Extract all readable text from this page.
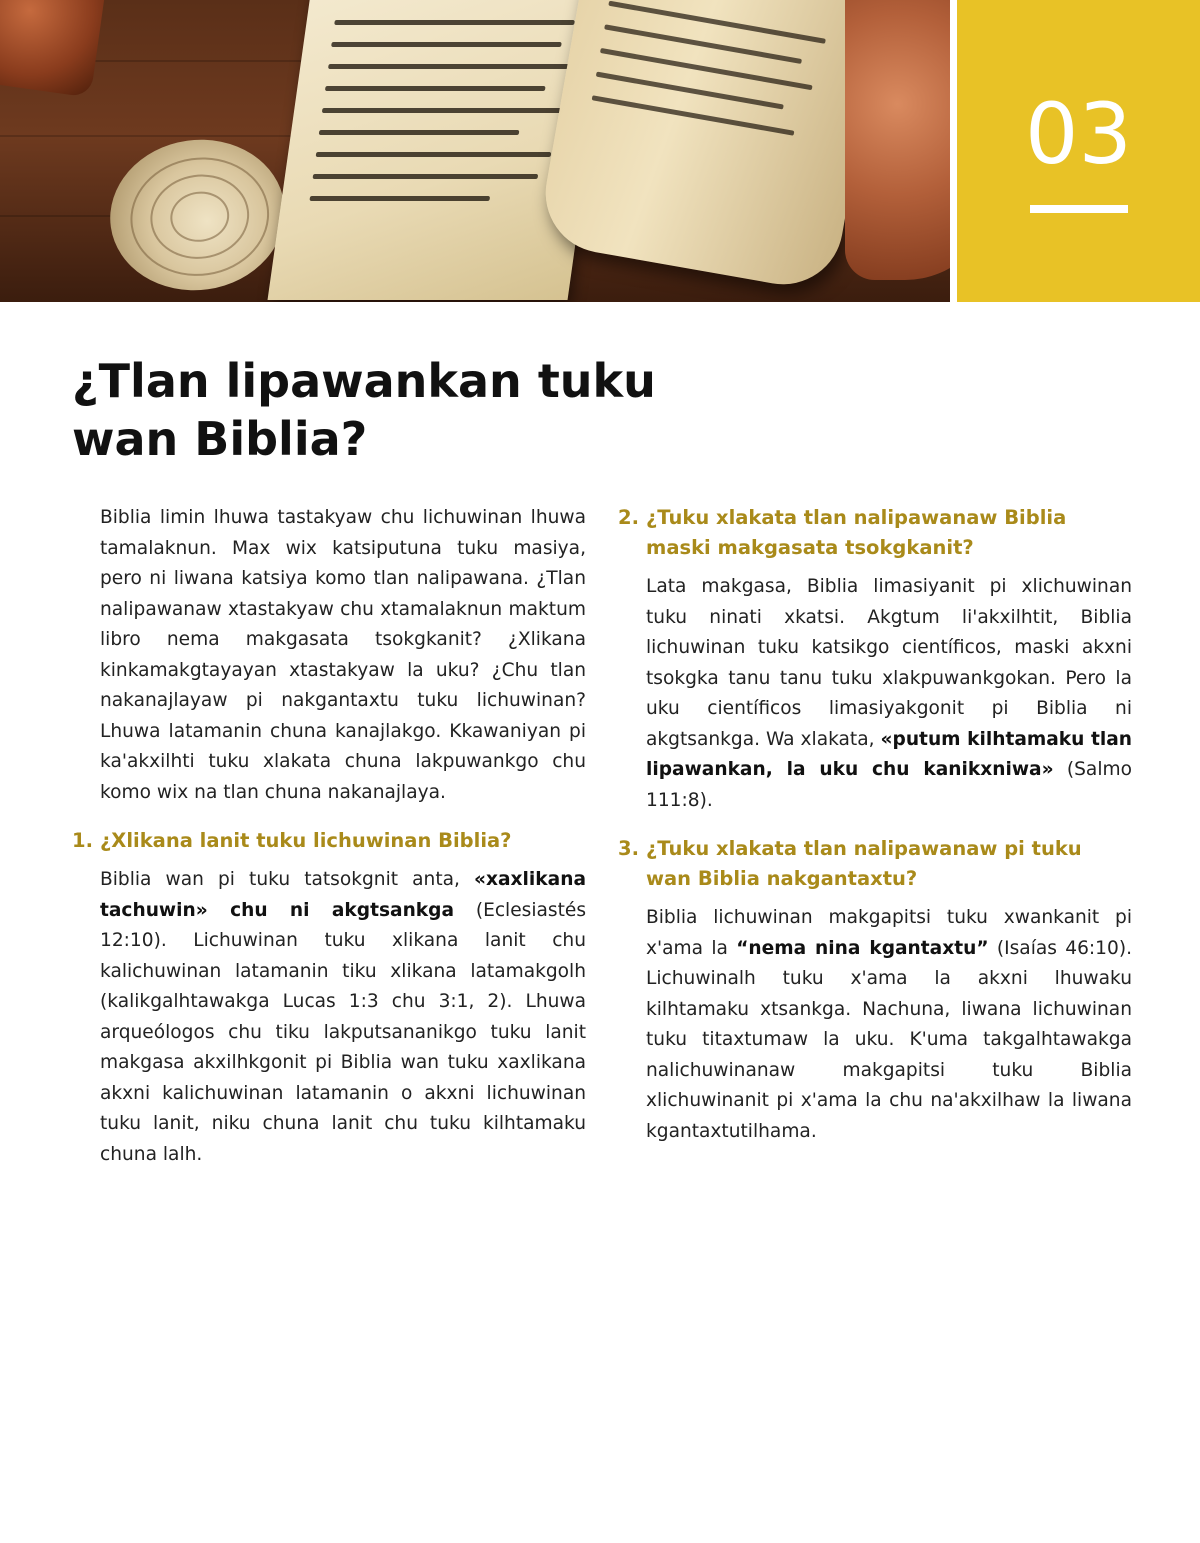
03
¿Tlan lipawankan tuku
wan Biblia?

Biblia limin lhuwa tastakyaw chu lichuwinan lhuwa tamalaknun. Max wix katsiputuna tuku masiya, pero ni liwana katsiya komo tlan nalipawana. ¿Tlan nalipawanaw xtastakyaw chu xtamalaknun maktum libro nema makgasata tsokgkanit? ¿Xlikana kinkamakgtayayan xtastakyaw la uku? ¿Chu tlan nakanajlayaw pi nakgantaxtu tuku lichuwinan? Lhuwa latamanin chuna kanajlakgo. Kkawaniyan pi ka'akxilhti tuku xlakata chuna lakpuwankgo chu komo wix na tlan chuna nakanajlaya.

1. ¿Xlikana lanit tuku lichuwinan Biblia?

Biblia wan pi tuku tatsokgnit anta, «xaxlikana tachuwin» chu ni akgtsankga (Eclesiastés 12:10). Lichuwinan tuku xlikana lanit chu kalichuwinan latamanin tiku xlikana latamakgolh (kalikgalhtawakga Lucas 1:3 chu 3:1, 2). Lhuwa arqueólogos chu tiku lakputsananikgo tuku lanit makgasa akxilhkgonit pi Biblia wan tuku xaxlikana akxni kalichuwinan latamanin o akxni lichuwinan tuku lanit, niku chuna lanit chu tuku kilhtamaku chuna lalh.

2. ¿Tuku xlakata tlan nalipawanaw Biblia maski makgasata tsokgkanit?

Lata makgasa, Biblia limasiyanit pi xlichuwinan tuku ninati xkatsi. Akgtum li'akxilhtit, Biblia lichuwinan tuku katsikgo científicos, maski akxni tsokgka tanu tanu tuku xlakpuwankgokan. Pero la uku científicos limasiyakgonit pi Biblia ni akgtsankga. Wa xlakata, «putum kilhtamaku tlan lipawankan, la uku chu kanikxniwa» (Salmo 111:8).

3. ¿Tuku xlakata tlan nalipawanaw pi tuku wan Biblia nakgantaxtu?

Biblia lichuwinan makgapitsi tuku xwankanit pi x'ama la “nema nina kgantaxtu” (Isaías 46:10). Lichuwinalh tuku x'ama la akxni lhuwaku kilhtamaku xtsankga. Nachuna, liwana lichuwinan tuku titaxtumaw la uku. K'uma takgalhtawakga nalichuwinanaw makgapitsi tuku Biblia xlichuwinanit pi x'ama la chu na'akxilhaw la liwana kgantaxtutilhama.
